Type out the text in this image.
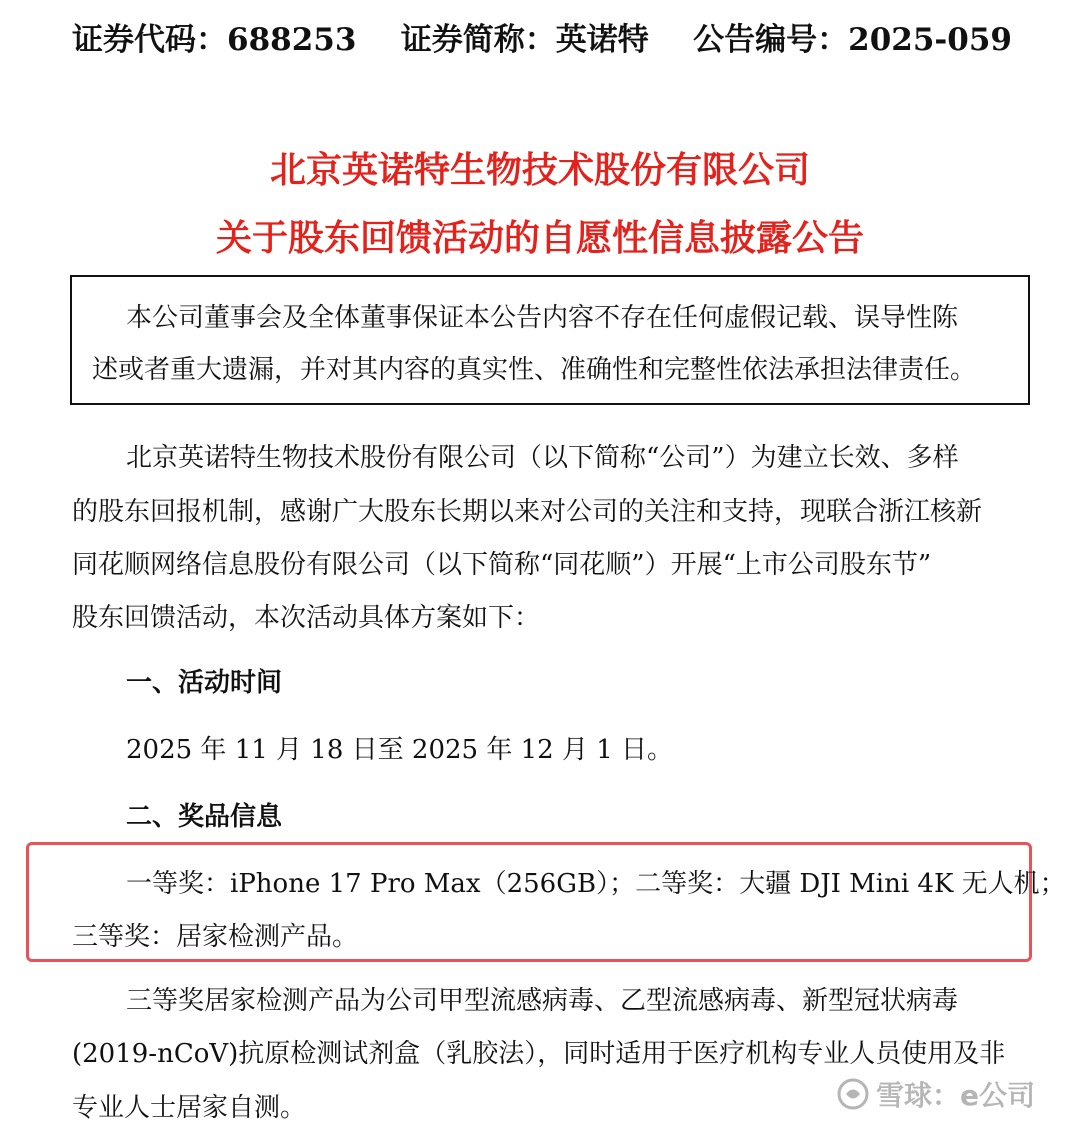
证券代码：688253 证券简称：英诺特 公告编号：2025-059
北京英诺特生物技术股份有限公司
关于股东回馈活动的自愿性信息披露公告
本公司董事会及全体董事保证本公告内容不存在任何虚假记载、误导性陈
述或者重大遗漏，并对其内容的真实性、准确性和完整性依法承担法律责任。
北京英诺特生物技术股份有限公司（以下简称“公司”）为建立长效、多样
的股东回报机制，感谢广大股东长期以来对公司的关注和支持，现联合浙江核新
同花顺网络信息股份有限公司（以下简称“同花顺”）开展“上市公司股东节”
股东回馈活动，本次活动具体方案如下：
一、活动时间
2025 年 11 月 18 日至 2025 年 12 月 1 日。
二、奖品信息
一等奖：iPhone 17 Pro Max（256GB）；二等奖：大疆 DJI Mini 4K 无人机；
三等奖：居家检测产品。
三等奖居家检测产品为公司甲型流感病毒、乙型流感病毒、新型冠状病毒
(2019-nCoV)抗原检测试剂盒（乳胶法），同时适用于医疗机构专业人员使用及非
专业人士居家自测。	雪球：e公司
